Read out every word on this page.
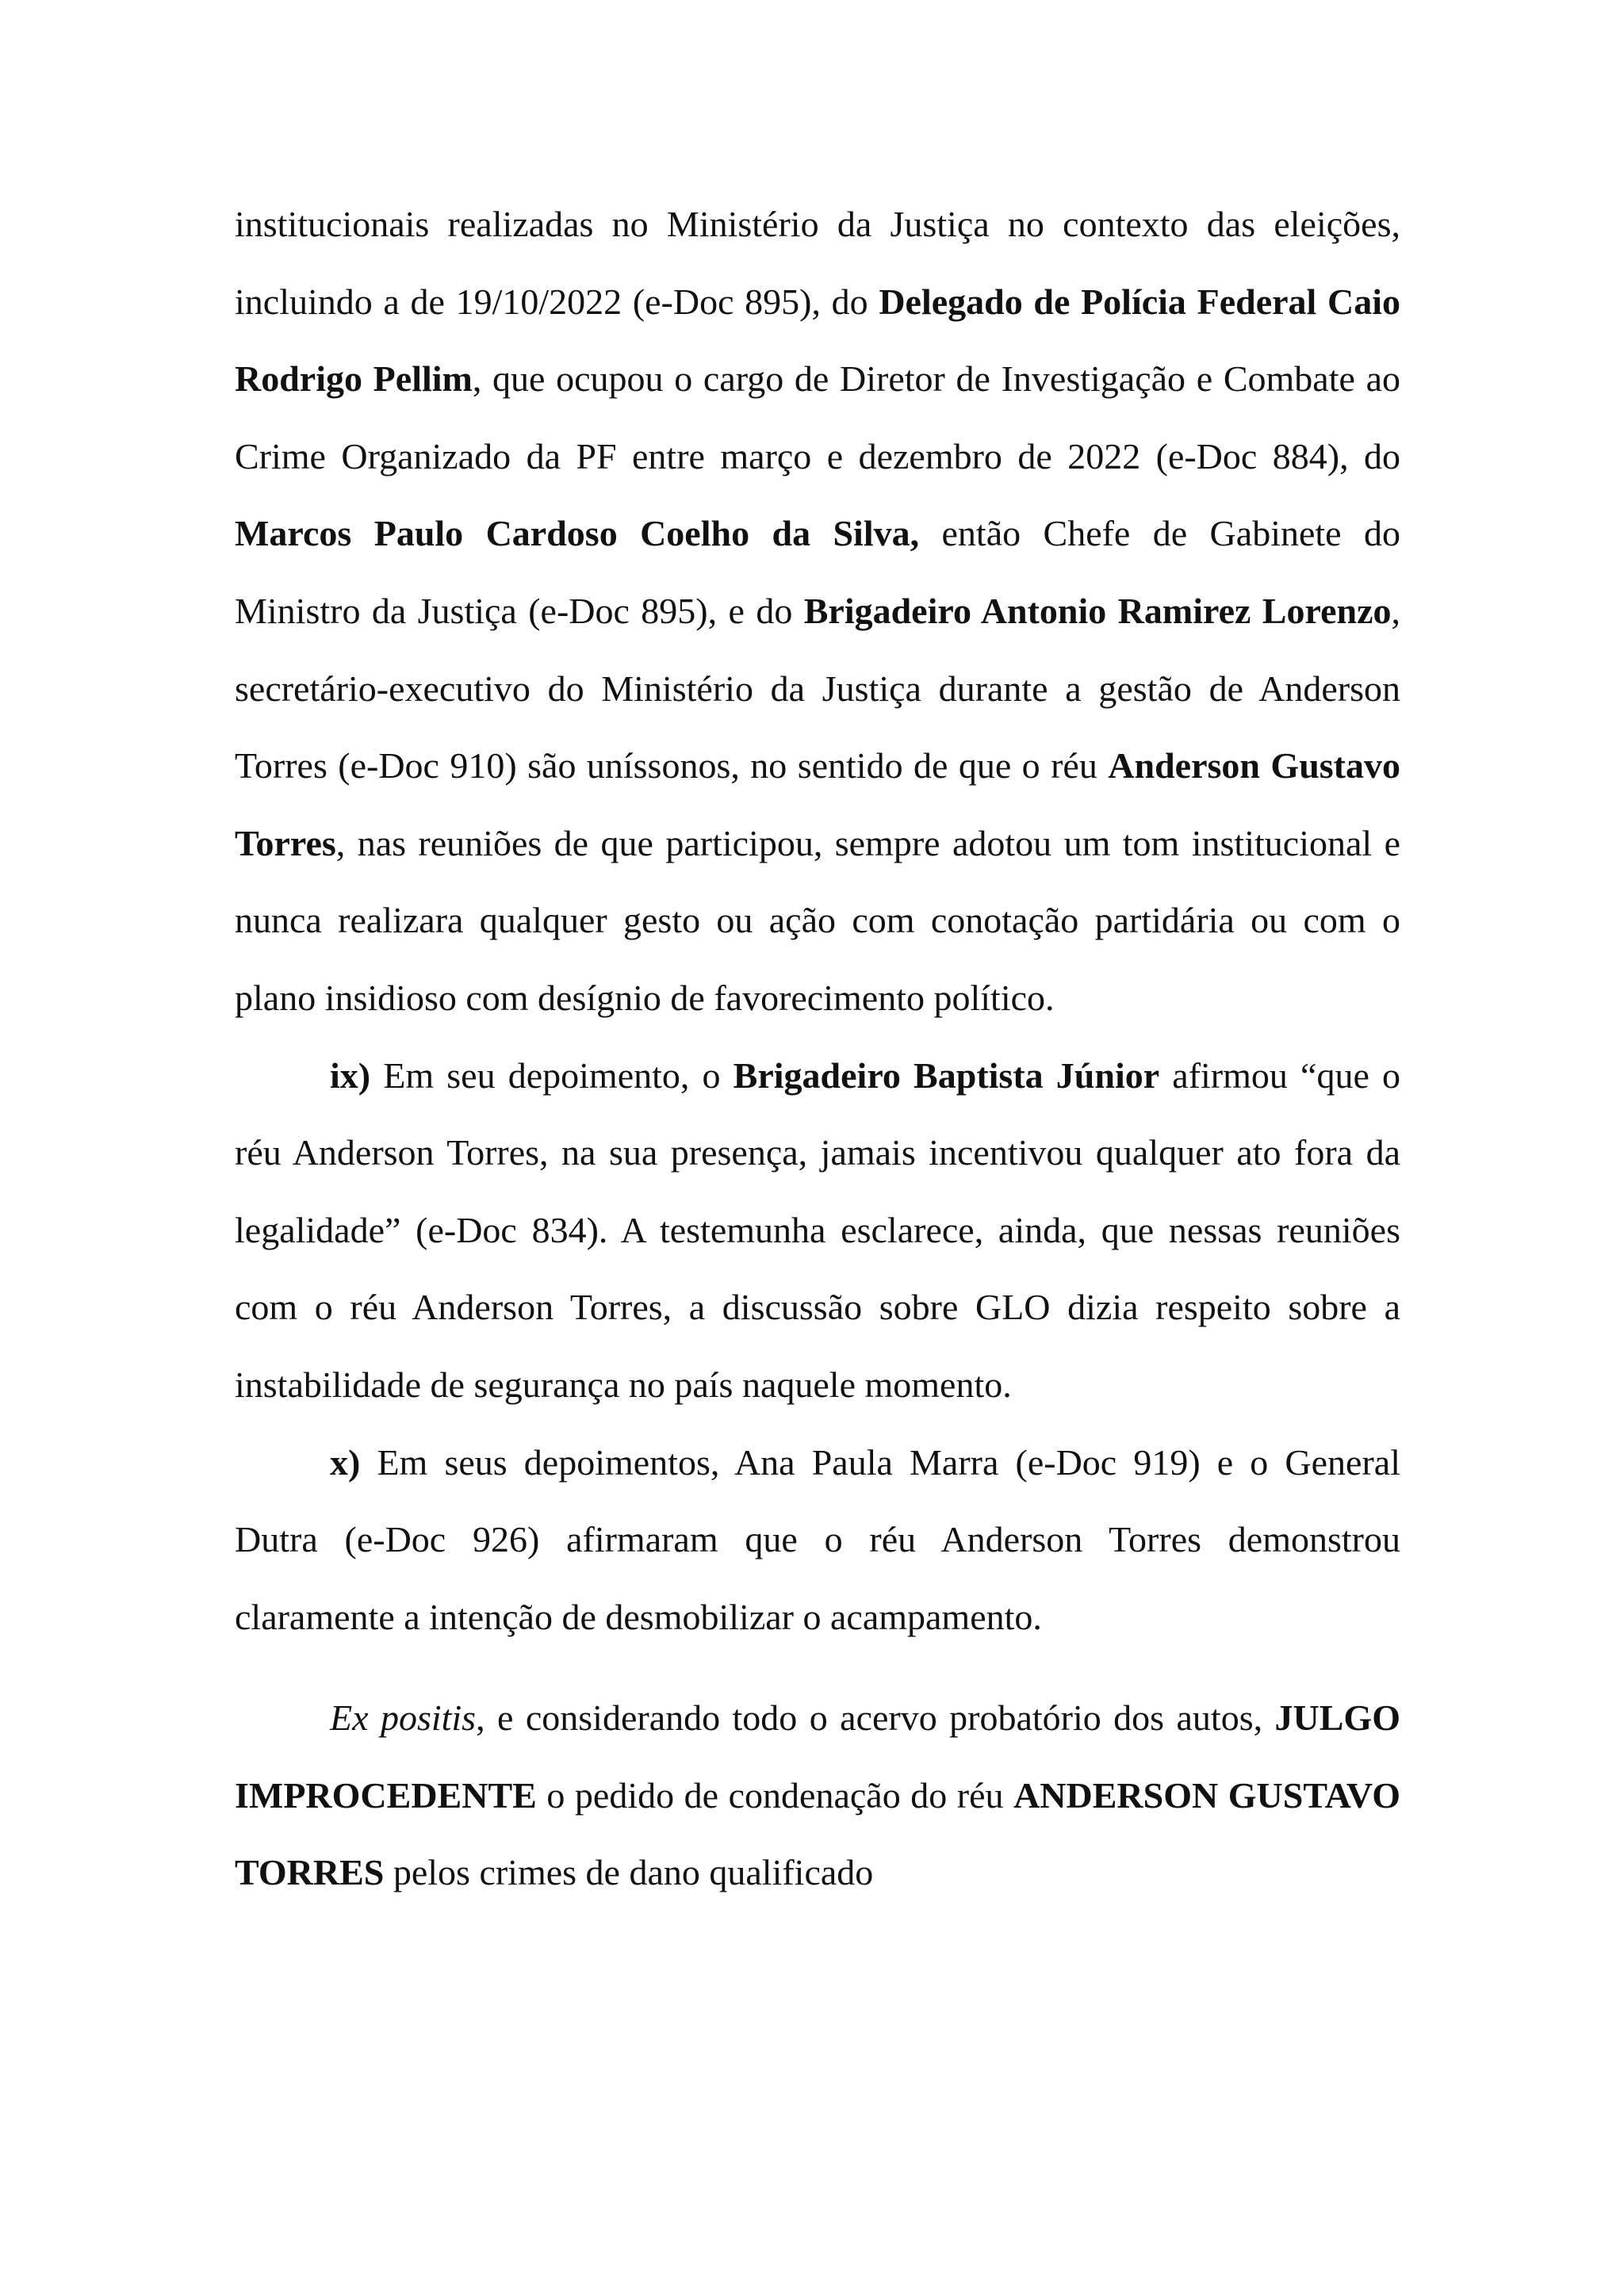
institucionais realizadas no Ministério da Justiça no contexto das eleições, incluindo a de 19/10/2022 (e-Doc 895), do Delegado de Polícia Federal Caio Rodrigo Pellim, que ocupou o cargo de Diretor de Investigação e Combate ao Crime Organizado da PF entre março e dezembro de 2022 (e-Doc 884), do Marcos Paulo Cardoso Coelho da Silva, então Chefe de Gabinete do Ministro da Justiça (e-Doc 895), e do Brigadeiro Antonio Ramirez Lorenzo, secretário-executivo do Ministério da Justiça durante a gestão de Anderson Torres (e-Doc 910) são uníssonos, no sentido de que o réu Anderson Gustavo Torres, nas reuniões de que participou, sempre adotou um tom institucional e nunca realizara qualquer gesto ou ação com conotação partidária ou com o plano insidioso com desígnio de favorecimento político.

ix) Em seu depoimento, o Brigadeiro Baptista Júnior afirmou “que o réu Anderson Torres, na sua presença, jamais incentivou qualquer ato fora da legalidade” (e-Doc 834). A testemunha esclarece, ainda, que nessas reuniões com o réu Anderson Torres, a discussão sobre GLO dizia respeito sobre a instabilidade de segurança no país naquele momento.

x) Em seus depoimentos, Ana Paula Marra (e-Doc 919) e o General Dutra (e-Doc 926) afirmaram que o réu Anderson Torres demonstrou claramente a intenção de desmobilizar o acampamento.

Ex positis, e considerando todo o acervo probatório dos autos, JULGO IMPROCEDENTE o pedido de condenação do réu ANDERSON GUSTAVO TORRES pelos crimes de dano qualificado
